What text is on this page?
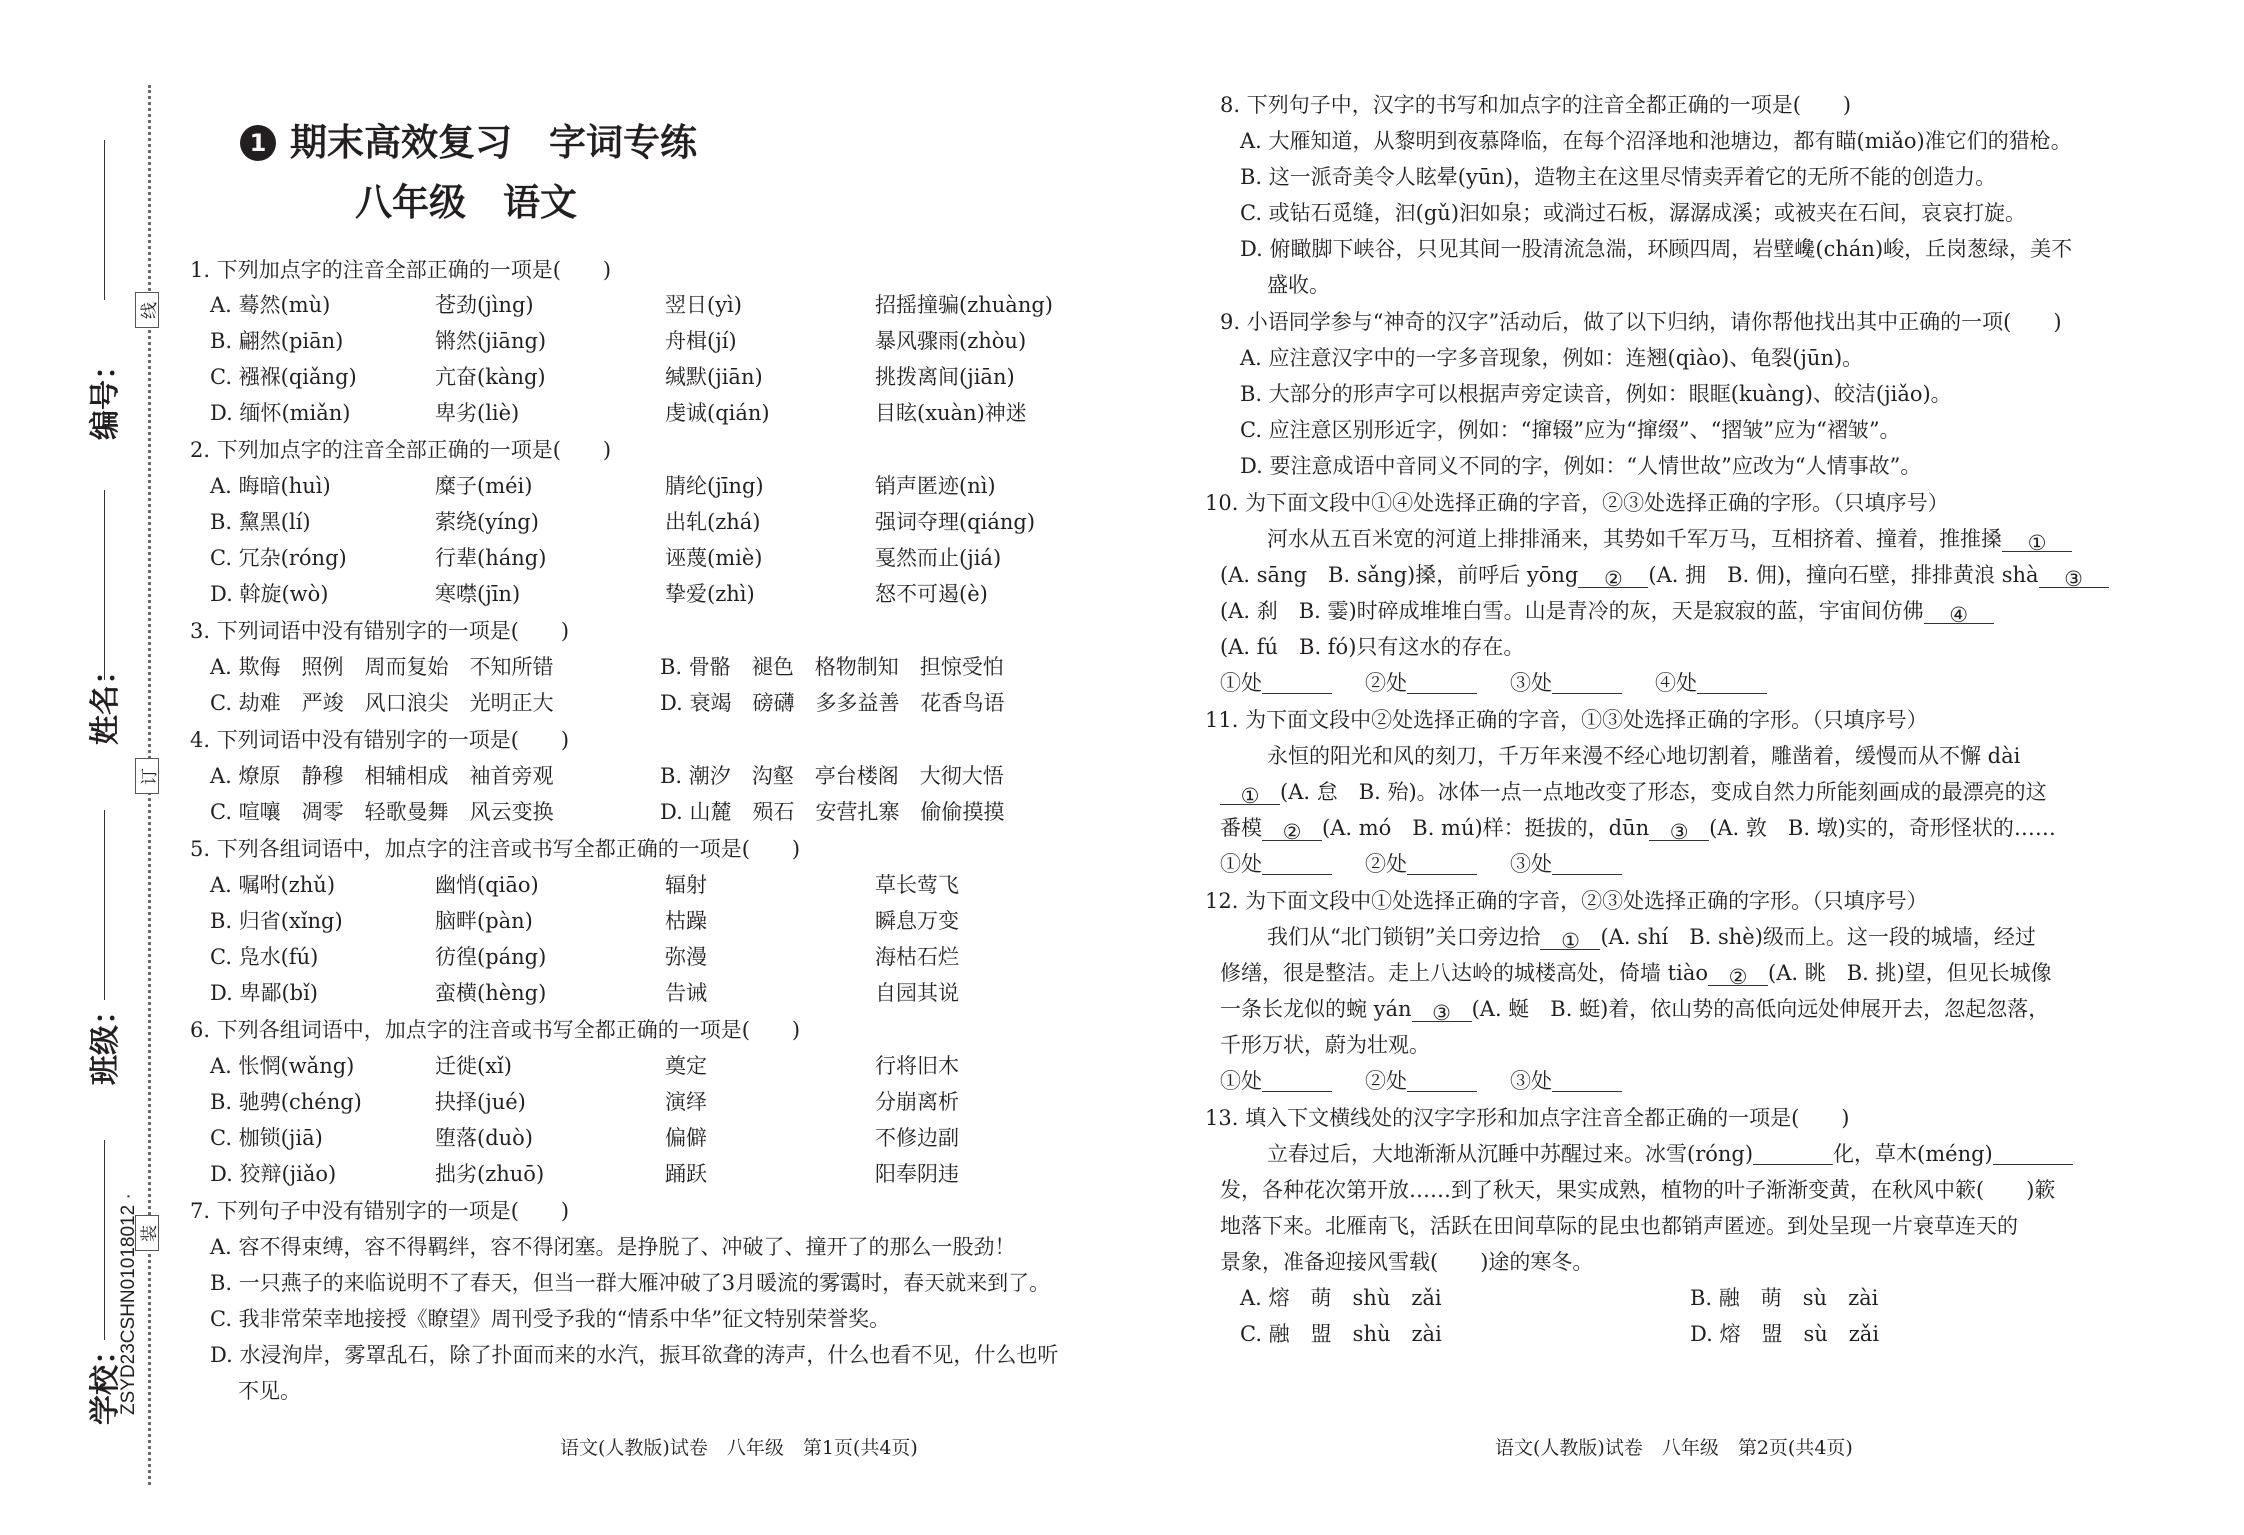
线
订
装
编号：
姓名：
班级：
学校：
ZSYD23CSHN01018012 ·
1 期末高效复习　字词专练
八年级　语文
1. 下列加点字的注音全部正确的一项是(　　)
A. 蓦然(mù)	苍劲(jìng)	翌日(yì)	招摇撞骗(zhuàng)
B. 翩然(piān)	锵然(jiāng)	舟楫(jí)	暴风骤雨(zhòu)
C. 襁褓(qiǎng)	亢奋(kàng)	缄默(jiān)	挑拨离间(jiān)
D. 缅怀(miǎn)	卑劣(liè)	虔诚(qián)	目眩(xuàn)神迷
2. 下列加点字的注音全部正确的一项是(　　)
A. 晦暗(huì)	糜子(méi)	腈纶(jīng)	销声匿迹(nì)
B. 黧黑(lí)	萦绕(yíng)	出轧(zhá)	强词夺理(qiáng)
C. 冗杂(róng)	行辈(háng)	诬蔑(miè)	戛然而止(jiá)
D. 斡旋(wò)	寒噤(jīn)	挚爱(zhì)	怒不可遏(è)
3. 下列词语中没有错别字的一项是(　　)
A. 欺侮　照例　周而复始　不知所错	B. 骨骼　褪色　格物制知　担惊受怕
C. 劫难　严竣　风口浪尖　光明正大	D. 衰竭　磅礴　多多益善　花香鸟语
4. 下列词语中没有错别字的一项是(　　)
A. 燎原　静穆　相辅相成　袖首旁观	B. 潮汐　沟壑　亭台楼阁　大彻大悟
C. 喧嚷　凋零　轻歌曼舞　风云变换	D. 山麓　殒石　安营扎寨　偷偷摸摸
5. 下列各组词语中，加点字的注音或书写全都正确的一项是(　　)
A. 嘱咐(zhǔ)	幽悄(qiāo)	辐射	草长莺飞
B. 归省(xǐng)	脑畔(pàn)	枯躁	瞬息万变
C. 凫水(fú)	彷徨(páng)	弥漫	海枯石烂
D. 卑鄙(bǐ)	蛮横(hèng)	告诫	自园其说
6. 下列各组词语中，加点字的注音或书写全都正确的一项是(　　)
A. 怅惘(wǎng)	迁徙(xǐ)	奠定	行将旧木
B. 驰骋(chéng)	抉择(jué)	演绎	分崩离析
C. 枷锁(jiā)	堕落(duò)	偏僻	不修边副
D. 狡辩(jiǎo)	拙劣(zhuō)	踊跃	阳奉阴违
7. 下列句子中没有错别字的一项是(　　)
A. 容不得束缚，容不得羁绊，容不得闭塞。是挣脱了、冲破了、撞开了的那么一股劲！
B. 一只燕子的来临说明不了春天，但当一群大雁冲破了3月暖流的雾霭时，春天就来到了。
C. 我非常荣幸地接授《瞭望》周刊受予我的“情系中华”征文特别荣誉奖。
D. 水浸洵岸，雾罩乱石，除了扑面而来的水汽，振耳欲聋的涛声，什么也看不见，什么也听
不见。
8. 下列句子中，汉字的书写和加点字的注音全都正确的一项是(　　)
A. 大雁知道，从黎明到夜慕降临，在每个沼泽地和池塘边，都有瞄(miǎo)准它们的猎枪。
B. 这一派奇美令人眩晕(yūn)，造物主在这里尽情卖弄着它的无所不能的创造力。
C. 或钻石觅缝，汩(gǔ)汩如泉；或淌过石板，潺潺成溪；或被夹在石间，哀哀打旋。
D. 俯瞰脚下峡谷，只见其间一股清流急湍，环顾四周，岩壁巉(chán)峻，丘岗葱绿，美不
盛收。
9. 小语同学参与“神奇的汉字”活动后，做了以下归纳，请你帮他找出其中正确的一项(　　)
A. 应注意汉字中的一字多音现象，例如：连翘(qiào)、龟裂(jūn)。
B. 大部分的形声字可以根据声旁定读音，例如：眼眶(kuàng)、皎洁(jiǎo)。
C. 应注意区别形近字，例如：“撺辍”应为“撺缀”、“摺皱”应为“褶皱”。
D. 要注意成语中音同义不同的字，例如：“人情世故”应改为“人情事故”。
10. 为下面文段中①④处选择正确的字音，②③处选择正确的字形。（只填序号）
河水从五百米宽的河道上排排涌来，其势如千军万马，互相挤着、撞着，推推搡 ①
(A. sāng　B. sǎng)搡，前呼后 yōng ② (A. 拥　B. 佣)，撞向石壁，排排黄浪 shà ③
(A. 刹　B. 霎)时碎成堆堆白雪。山是青冷的灰，天是寂寂的蓝，宇宙间仿佛 ④
(A. fú　B. fó)只有这水的存在。
①处	②处	③处	④处
11. 为下面文段中②处选择正确的字音，①③处选择正确的字形。（只填序号）
永恒的阳光和风的刻刀，千万年来漫不经心地切割着，雕凿着，缓慢而从不懈 dài
① (A. 怠　B. 殆)。冰体一点一点地改变了形态，变成自然力所能刻画成的最漂亮的这
番模 ② (A. mó　B. mú)样：挺拔的，dūn ③ (A. 敦　B. 墩)实的，奇形怪状的……
①处	②处	③处
12. 为下面文段中①处选择正确的字音，②③处选择正确的字形。（只填序号）
我们从“北门锁钥”关口旁边拾 ① (A. shí　B. shè)级而上。这一段的城墙，经过
修缮，很是整洁。走上八达岭的城楼高处，倚墙 tiào ② (A. 眺　B. 挑)望，但见长城像
一条长龙似的蜿 yán ③ (A. 蜒　B. 蜓)着，依山势的高低向远处伸展开去，忽起忽落，
千形万状，蔚为壮观。
①处	②处	③处
13. 填入下文横线处的汉字字形和加点字注音全都正确的一项是(　　)
立春过后，大地渐渐从沉睡中苏醒过来。冰雪(róng)	化，草木(méng)
发，各种花次第开放……到了秋天，果实成熟，植物的叶子渐渐变黄，在秋风中簌(　　)簌
地落下来。北雁南飞，活跃在田间草际的昆虫也都销声匿迹。到处呈现一片衰草连天的
景象，准备迎接风雪载(　　)途的寒冬。
A. 熔　萌　shù　zǎi	B. 融　萌　sù　zài
C. 融　盟　shù　zài	D. 熔　盟　sù　zǎi
语文(人教版)试卷　八年级　第1页(共4页)	语文(人教版)试卷　八年级　第2页(共4页)
